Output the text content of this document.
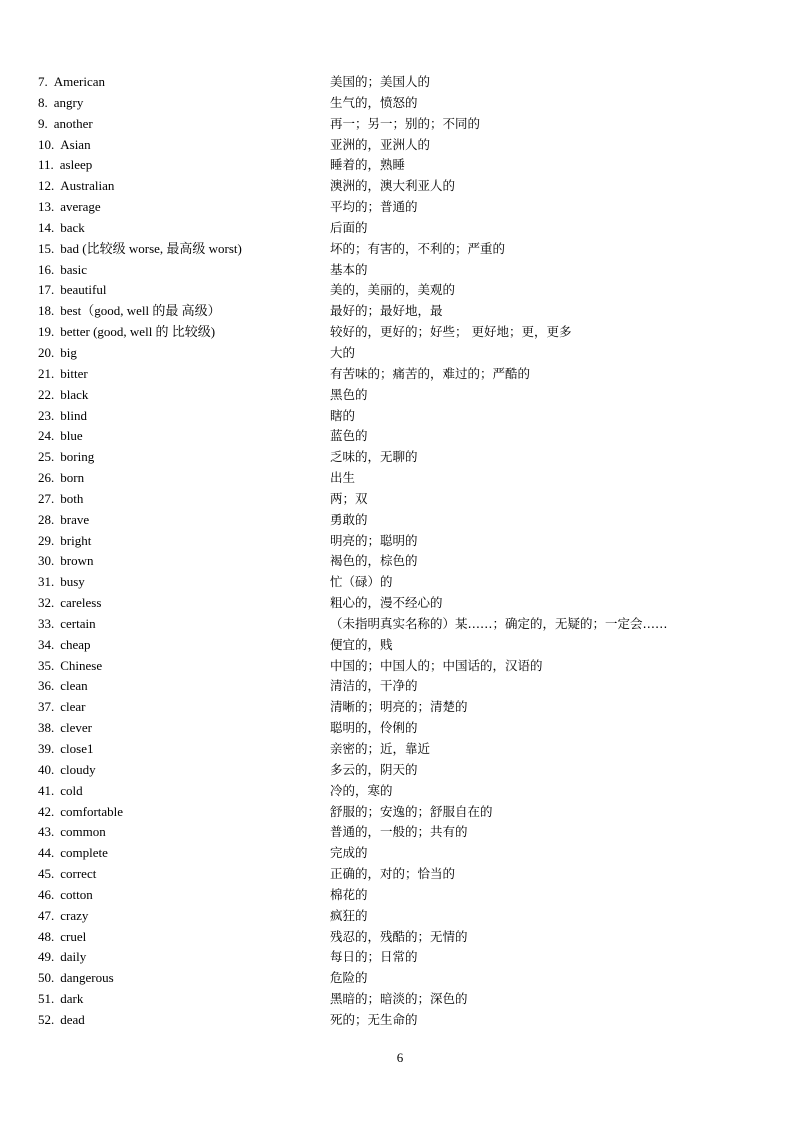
7. American	美国的；美国人的
8. angry	生气的，愤怒的
9. another	再一；另一；别的；不同的
10. Asian	亚洲的，亚洲人的
11. asleep	睡着的，熟睡
12. Australian	澳洲的，澳大利亚人的
13. average	平均的；普通的
14. back	后面的
15. bad (比较级 worse, 最高级 worst)	坏的；有害的，不利的；严重的
16. basic	基本的
17. beautiful	美的，美丽的，美观的
18. best（good, well 的最 高级）	最好的；最好地，最
19. better (good, well 的 比较级)	较好的，更好的；好些； 更好地；更，更多
20. big	大的
21. bitter	有苦味的；痛苦的，难过的；严酷的
22. black	黑色的
23. blind	瞎的
24. blue	蓝色的
25. boring	乏味的，无聊的
26. born	出生
27. both	两；双
28. brave	勇敢的
29. bright	明亮的；聪明的
30. brown	褐色的，棕色的
31. busy	忙（碌）的
32. careless	粗心的，漫不经心的
33. certain	（未指明真实名称的）某……；确定的，无疑的；一定会……
34. cheap	便宜的，贱
35. Chinese	中国的；中国人的；中国话的，汉语的
36. clean	清洁的，干净的
37. clear	清晰的；明亮的；清楚的
38. clever	聪明的，伶俐的
39. close1	亲密的；近，靠近
40. cloudy	多云的，阴天的
41. cold	冷的，寒的
42. comfortable	舒服的；安逸的；舒服自在的
43. common	普通的，一般的；共有的
44. complete	完成的
45. correct	正确的，对的；恰当的
46. cotton	棉花的
47. crazy	疯狂的
48. cruel	残忍的，残酷的；无情的
49. daily	每日的；日常的
50. dangerous	危险的
51. dark	黑暗的；暗淡的；深色的
52. dead	死的；无生命的
6
